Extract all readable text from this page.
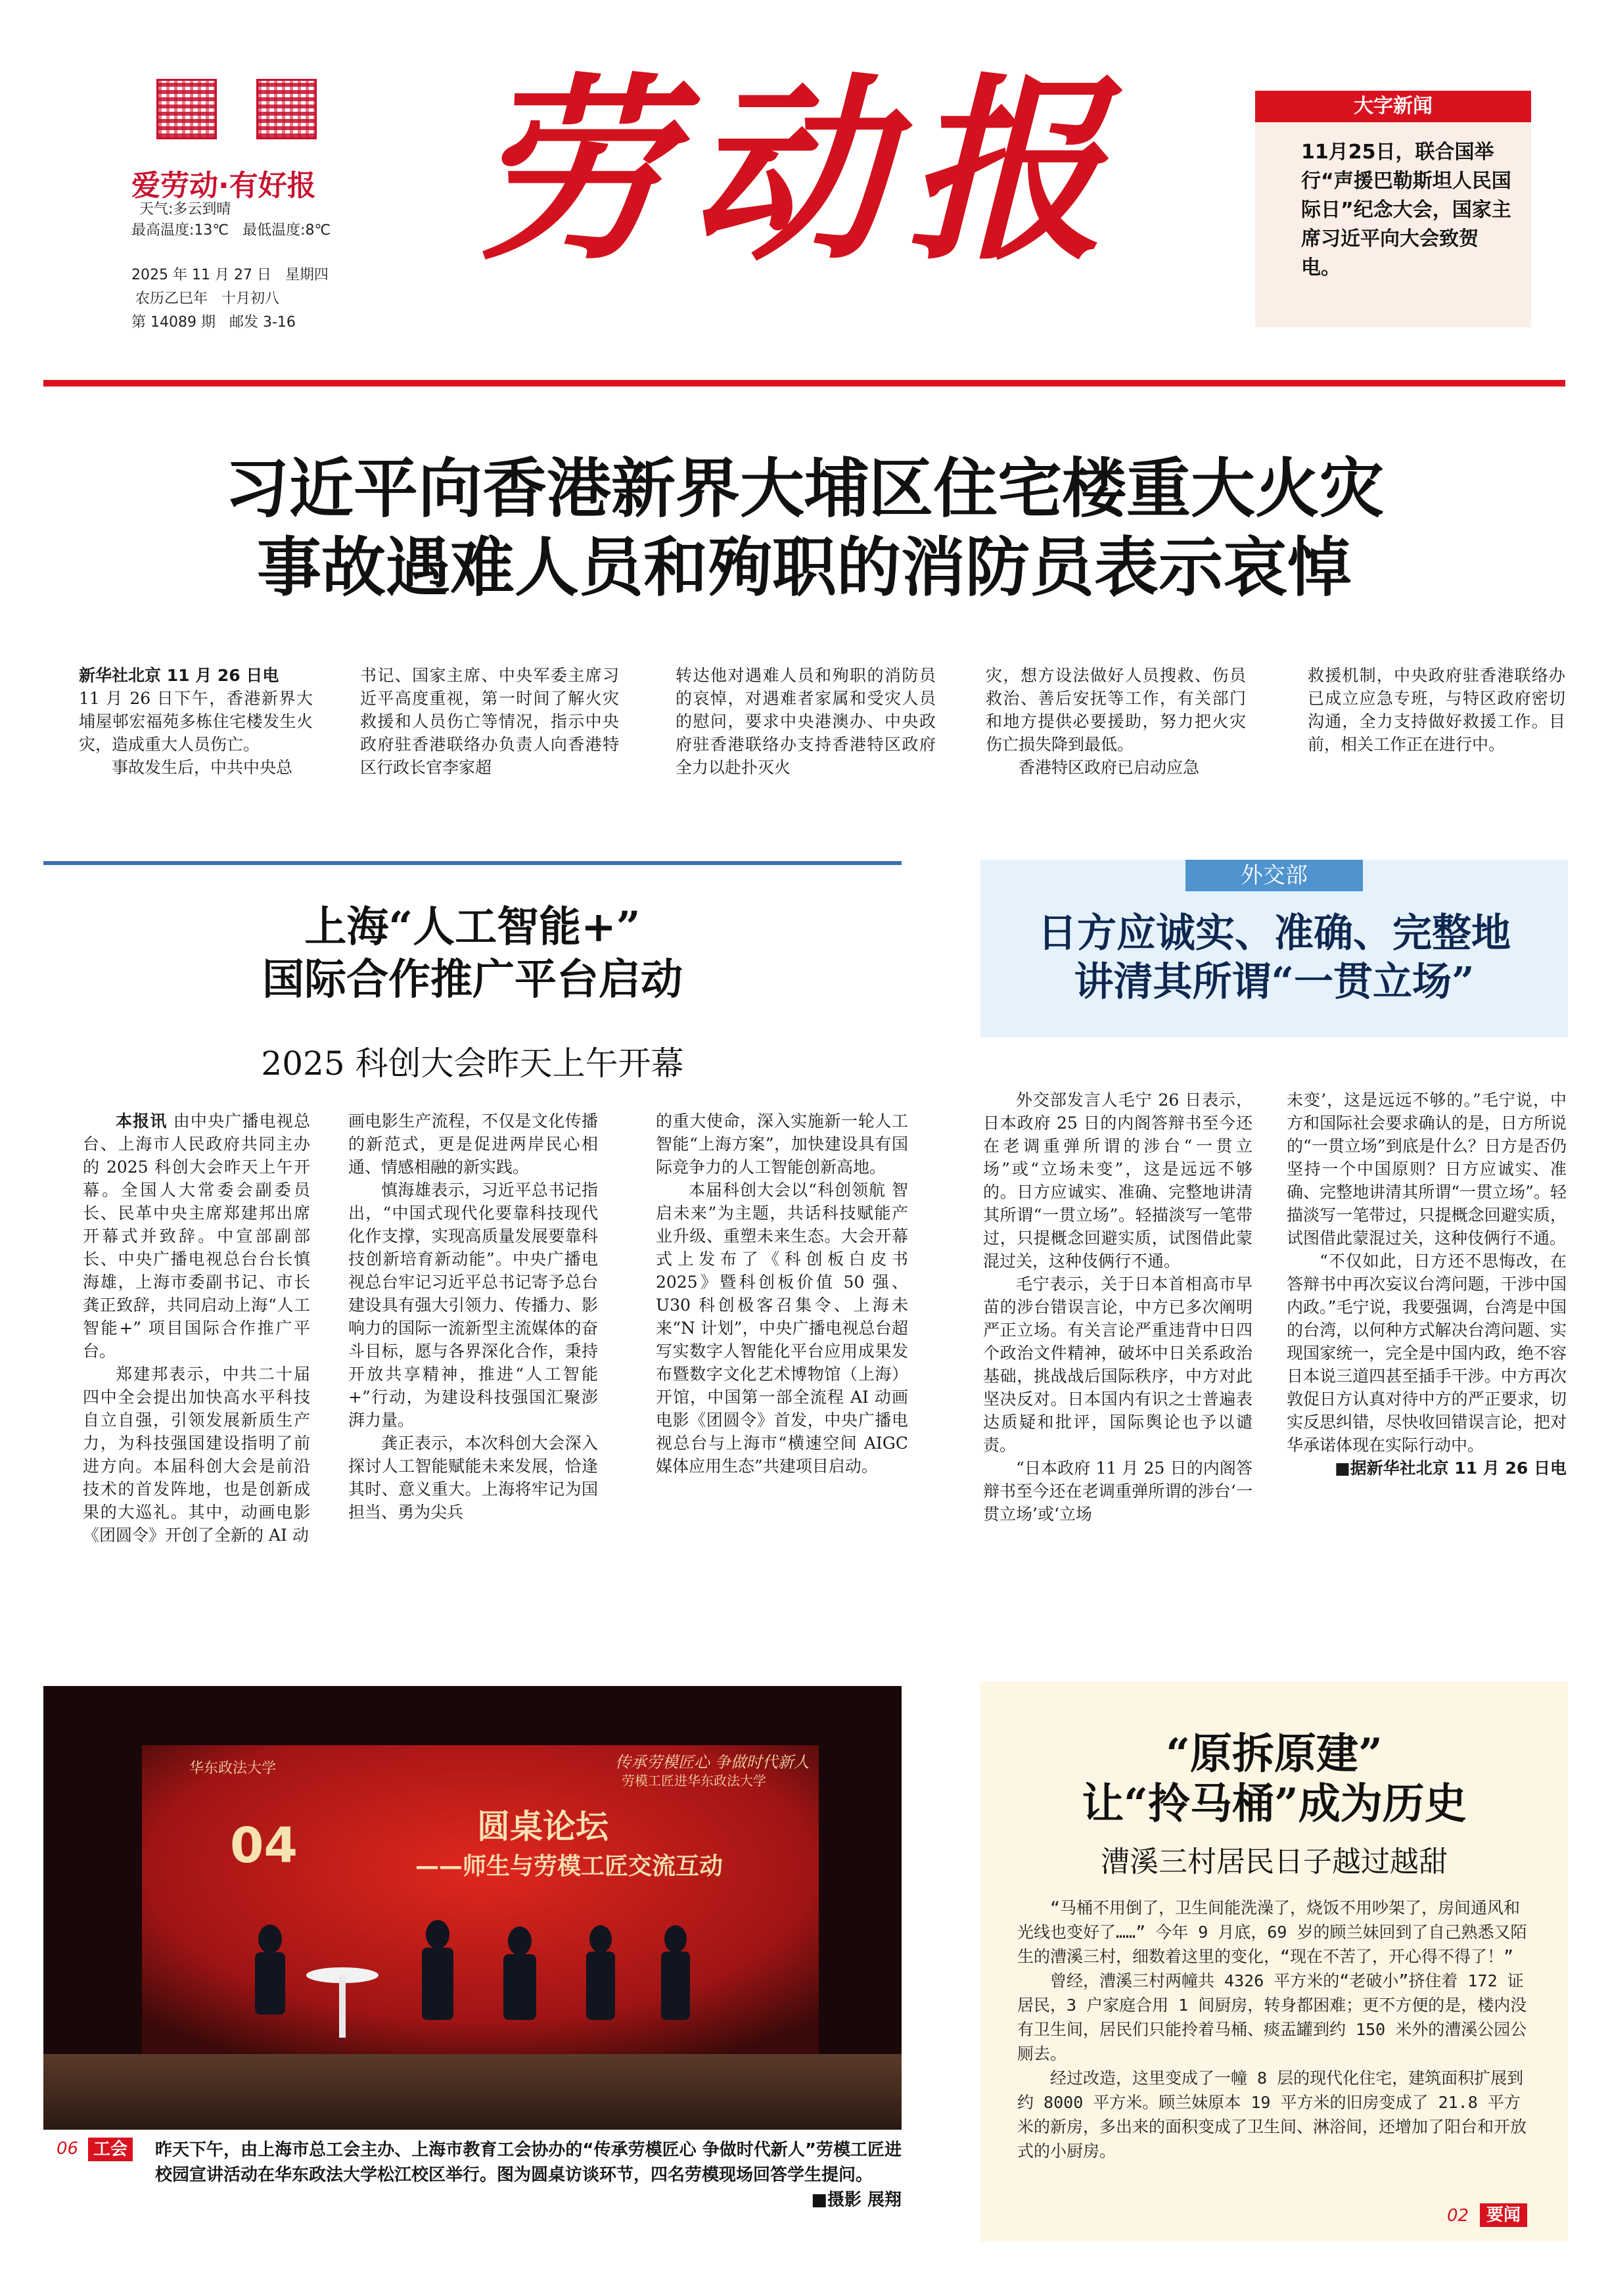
爱劳动·有好报
天气:多云到晴
最高温度:13℃   最低温度:8℃
2025 年 11 月 27 日   星期四
农历乙巳年   十月初八
第 14089 期   邮发 3-16
劳动报	大字新闻
11月25日，联合国举行“声援巴勒斯坦人民国际日”纪念大会，国家主席习近平向大会致贺电。
习近平向香港新界大埔区住宅楼重大火灾
事故遇难人员和殉职的消防员表示哀悼

新华社北京 11 月 26 日电

11 月 26 日下午，香港新界大埔屋邨宏福苑多栋住宅楼发生火灾，造成重大人员伤亡。

事故发生后，中共中央总

书记、国家主席、中央军委主席习近平高度重视，第一时间了解火灾救援和人员伤亡等情况，指示中央政府驻香港联络办负责人向香港特区行政长官李家超

转达他对遇难人员和殉职的消防员的哀悼，对遇难者家属和受灾人员的慰问，要求中央港澳办、中央政府驻香港联络办支持香港特区政府全力以赴扑灭火

灾，想方设法做好人员搜救、伤员救治、善后安抚等工作，有关部门和地方提供必要援助，努力把火灾伤亡损失降到最低。

香港特区政府已启动应急

救援机制，中央政府驻香港联络办已成立应急专班，与特区政府密切沟通，全力支持做好救援工作。目前，相关工作正在进行中。

上海“人工智能+”
国际合作推广平台启动
2025 科创大会昨天上午开幕

本报讯 由中央广播电视总台、上海市人民政府共同主办的 2025 科创大会昨天上午开幕。全国人大常委会副委员长、民革中央主席郑建邦出席开幕式并致辞。中宣部副部长、中央广播电视总台台长慎海雄，上海市委副书记、市长龚正致辞，共同启动上海“人工智能+” 项目国际合作推广平台。

郑建邦表示，中共二十届四中全会提出加快高水平科技自立自强，引领发展新质生产力，为科技强国建设指明了前进方向。本届科创大会是前沿技术的首发阵地，也是创新成果的大巡礼。其中，动画电影《团圆令》开创了全新的 AI 动

画电影生产流程，不仅是文化传播的新范式，更是促进两岸民心相通、情感相融的新实践。

慎海雄表示，习近平总书记指出，“中国式现代化要靠科技现代化作支撑，实现高质量发展要靠科技创新培育新动能”。中央广播电视总台牢记习近平总书记寄予总台建设具有强大引领力、传播力、影响力的国际一流新型主流媒体的奋斗目标，愿与各界深化合作，秉持开放共享精神，推进“人工智能+”行动，为建设科技强国汇聚澎湃力量。

龚正表示，本次科创大会深入探讨人工智能赋能未来发展，恰逢其时、意义重大。上海将牢记为国担当、勇为尖兵

的重大使命，深入实施新一轮人工智能“上海方案”，加快建设具有国际竞争力的人工智能创新高地。

本届科创大会以“科创领航 智启未来”为主题，共话科技赋能产业升级、重塑未来生态。大会开幕式上发布了《科创板白皮书 2025》暨科创板价值 50 强、U30 科创极客召集令、上海未来“N 计划”，中央广播电视总台超写实数字人智能化平台应用成果发布暨数字文化艺术博物馆（上海）开馆，中国第一部全流程 AI 动画电影《团圆令》首发，中央广播电视总台与上海市“横速空间 AIGC 媒体应用生态”共建项目启动。

外交部
日方应诚实、准确、完整地
讲清其所谓“一贯立场”

外交部发言人毛宁 26 日表示，日本政府 25 日的内阁答辩书至今还在老调重弹所谓的涉台“一贯立场”或“立场未变”，这是远远不够的。日方应诚实、准确、完整地讲清其所谓“一贯立场”。轻描淡写一笔带过，只提概念回避实质，试图借此蒙混过关，这种伎俩行不通。

毛宁表示，关于日本首相高市早苗的涉台错误言论，中方已多次阐明严正立场。有关言论严重违背中日四个政治文件精神，破坏中日关系政治基础，挑战战后国际秩序，中方对此坚决反对。日本国内有识之士普遍表达质疑和批评，国际舆论也予以谴责。

“日本政府 11 月 25 日的内阁答辩书至今还在老调重弹所谓的涉台‘一贯立场’或‘立场

未变’，这是远远不够的。”毛宁说，中方和国际社会要求确认的是，日方所说的“一贯立场”到底是什么？日方是否仍坚持一个中国原则？日方应诚实、准确、完整地讲清其所谓“一贯立场”。轻描淡写一笔带过，只提概念回避实质，试图借此蒙混过关，这种伎俩行不通。

“不仅如此，日方还不思悔改，在答辩书中再次妄议台湾问题，干涉中国内政。”毛宁说，我要强调，台湾是中国的台湾，以何种方式解决台湾问题、实现国家统一，完全是中国内政，绝不容日本说三道四甚至插手干涉。中方再次敦促日方认真对待中方的严正要求，切实反思纠错，尽快收回错误言论，把对华承诺体现在实际行动中。

■据新华社北京 11 月 26 日电

华东政法大学	传承劳模匠心 争做时代新人
劳模工匠进华东政法大学
04	圆桌论坛
——师生与劳模工匠交流互动
06 工会	昨天下午，由上海市总工会主办、上海市教育工会协办的“传承劳模匠心 争做时代新人”劳模工匠进校园宣讲活动在华东政法大学松江校区举行。图为圆桌访谈环节，四名劳模现场回答学生提问。
■摄影 展翔
“原拆原建”
让“拎马桶”成为历史
漕溪三村居民日子越过越甜

“马桶不用倒了，卫生间能洗澡了，烧饭不用吵架了，房间通风和光线也变好了……” 今年 9 月底，69 岁的顾兰妹回到了自己熟悉又陌生的漕溪三村，细数着这里的变化，“现在不苦了，开心得不得了！”

曾经，漕溪三村两幢共 4326 平方米的“老破小”挤住着 172 证居民，3 户家庭合用 1 间厨房，转身都困难；更不方便的是，楼内没有卫生间，居民们只能拎着马桶、痰盂罐到约 150 米外的漕溪公园公厕去。

经过改造，这里变成了一幢 8 层的现代化住宅，建筑面积扩展到约 8000 平方米。顾兰妹原本 19 平方米的旧房变成了 21.8 平方米的新房，多出来的面积变成了卫生间、淋浴间，还增加了阳台和开放式的小厨房。

02	要闻
